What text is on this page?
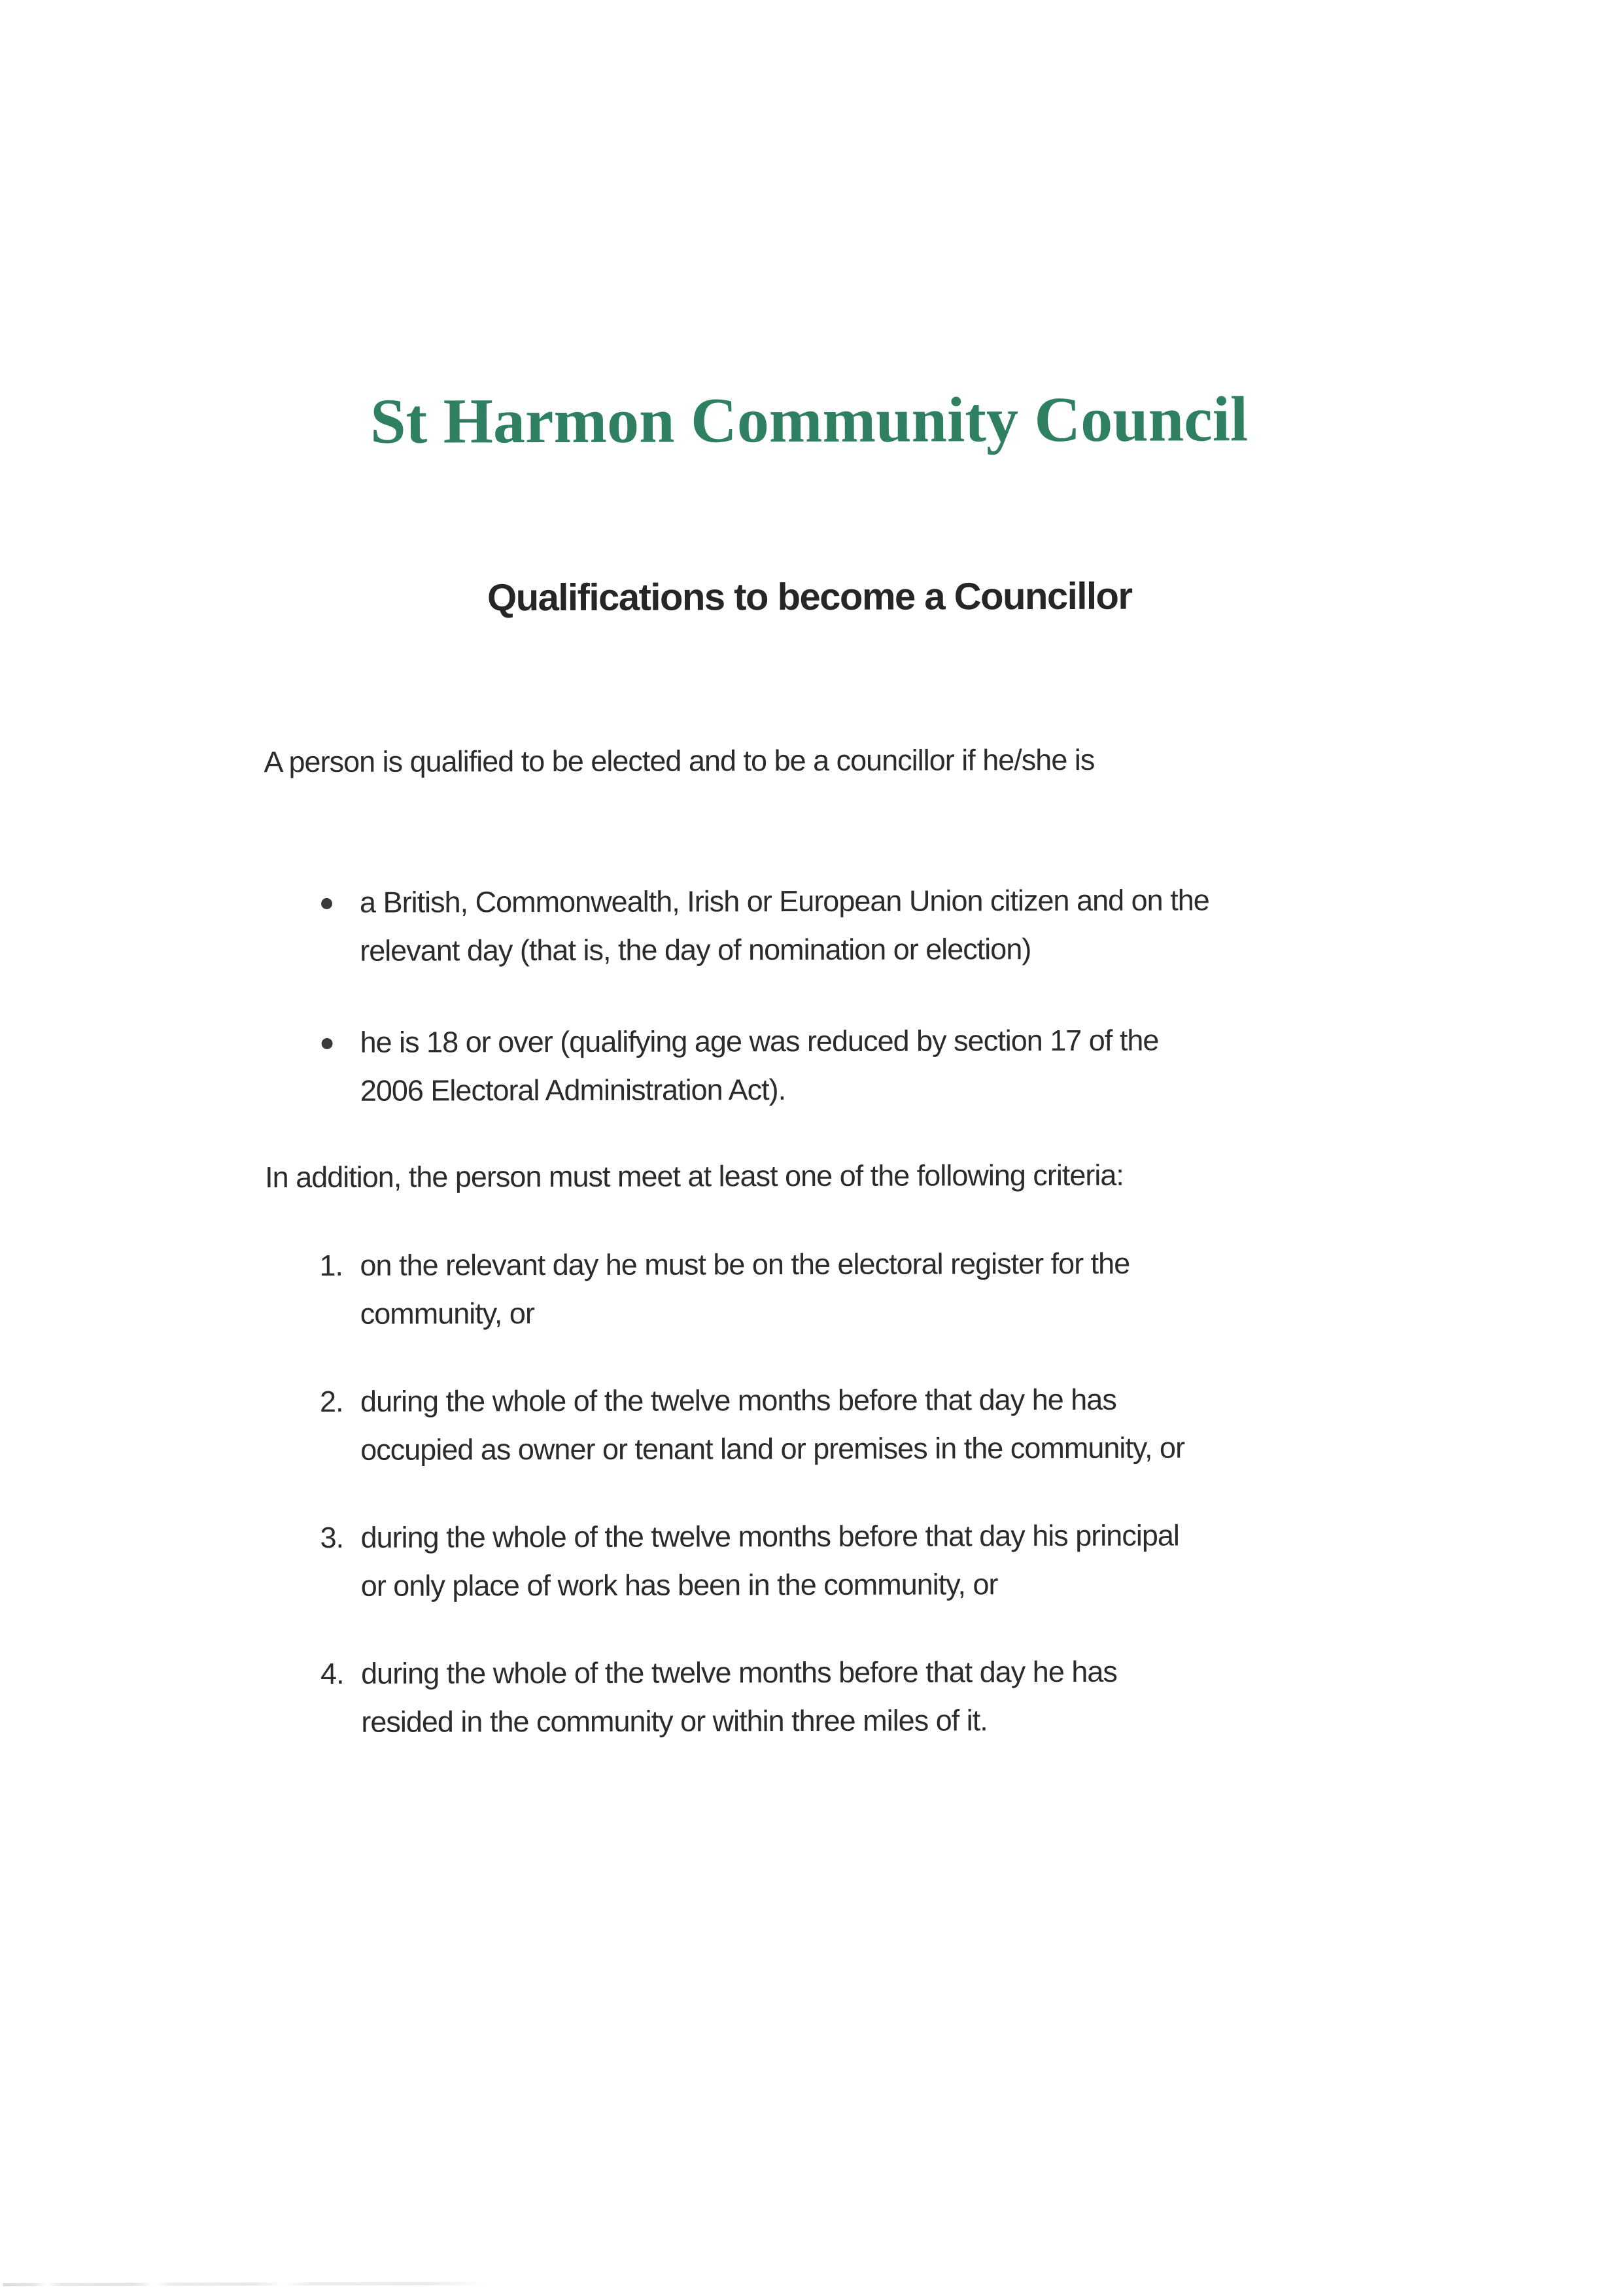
St Harmon Community Council
Qualifications to become a Councillor
A person is qualified to be elected and to be a councillor if he/she is
a British, Commonwealth, Irish or European Union citizen and on the
relevant day (that is, the day of nomination or election)
he is 18 or over (qualifying age was reduced by section 17 of the
2006 Electoral Administration Act).
In addition, the person must meet at least one of the following criteria:
1. on the relevant day he must be on the electoral register for the
community, or
2. during the whole of the twelve months before that day he has
occupied as owner or tenant land or premises in the community, or
3. during the whole of the twelve months before that day his principal
or only place of work has been in the community, or
4. during the whole of the twelve months before that day he has
resided in the community or within three miles of it.
